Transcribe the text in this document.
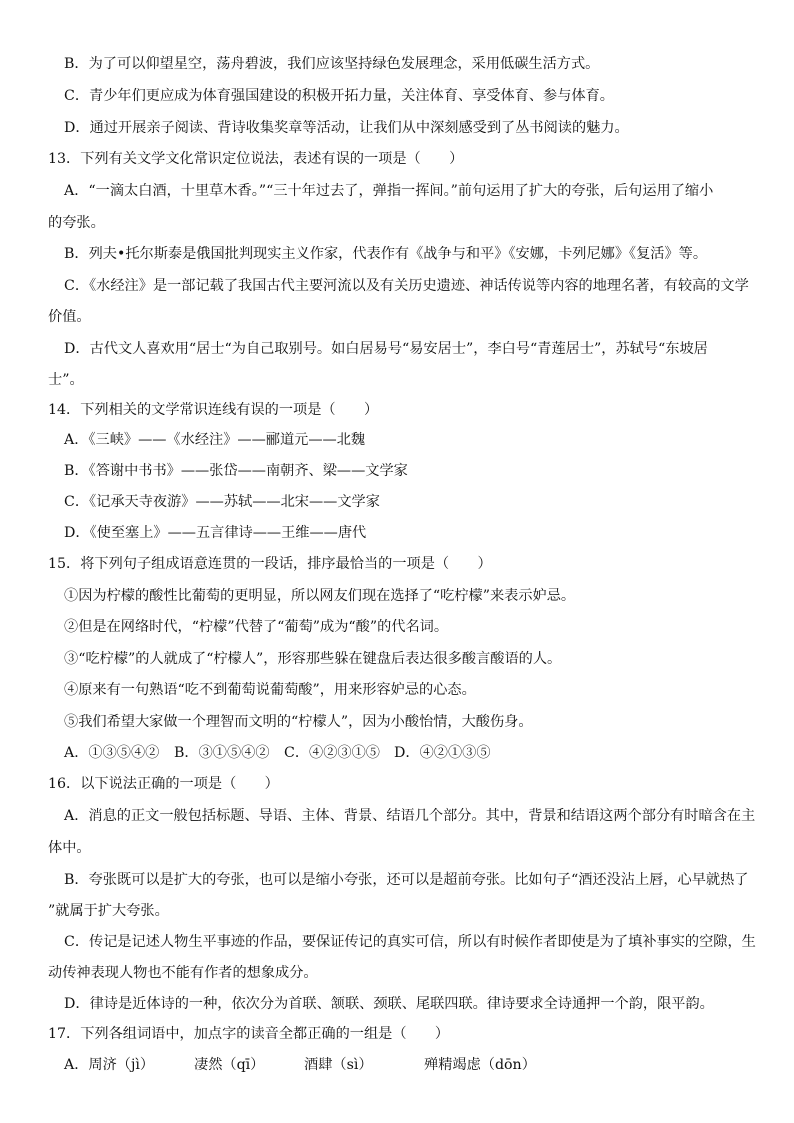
B．为了可以仰望星空，荡舟碧波，我们应该坚持绿色发展理念，采用低碳生活方式。
C．青少年们更应成为体育强国建设的积极开拓力量，关注体育、享受体育、参与体育。
D．通过开展亲子阅读、背诗收集奖章等活动，让我们从中深刻感受到了丛书阅读的魅力。
13．下列有关文学文化常识定位说法，表述有误的一项是（　　）
A．“一滴太白酒，十里草木香。”“三十年过去了，弹指一挥间。”前句运用了扩大的夸张，后句运用了缩小
的夸张。
B．列夫•托尔斯泰是俄国批判现实主义作家，代表作有《战争与和平》《安娜，卡列尼娜》《复活》等。
C．《水经注》是一部记载了我国古代主要河流以及有关历史遗迹、神话传说等内容的地理名著，有较高的文学
价值。
D．古代文人喜欢用“居士“为自己取别号。如白居易号“易安居士”，李白号“青莲居士”，苏轼号“东坡居
士”。
14．下列相关的文学常识连线有误的一项是（　　）
A．《三峡》——《水经注》——郦道元——北魏
B．《答谢中书书》——张岱——南朝齐、梁——文学家
C．《记承天寺夜游》——苏轼——北宋——文学家
D．《使至塞上》——五言律诗——王维——唐代
15．将下列句子组成语意连贯的一段话，排序最恰当的一项是（　　）
①因为柠檬的酸性比葡萄的更明显，所以网友们现在选择了“吃柠檬”来表示妒忌。
②但是在网络时代，“柠檬”代替了“葡萄”成为“酸”的代名词。
③“吃柠檬”的人就成了“柠檬人”，形容那些躲在键盘后表达很多酸言酸语的人。
④原来有一句熟语“吃不到葡萄说葡萄酸”，用来形容妒忌的心态。
⑤我们希望大家做一个理智而文明的“柠檬人”，因为小酸怡情，大酸伤身。
A．①③⑤④② B．③①⑤④② C．④②③①⑤ D．④②①③⑤
16．以下说法正确的一项是（　　）
A．消息的正文一般包括标题、导语、主体、背景、结语几个部分。其中，背景和结语这两个部分有时暗含在主
体中。
B．夸张既可以是扩大的夸张，也可以是缩小夸张，还可以是超前夸张。比如句子“酒还没沾上唇，心早就热了
”就属于扩大夸张。
C．传记是记述人物生平事迹的作品，要保证传记的真实可信，所以有时候作者即使是为了填补事实的空隙，生
动传神表现人物也不能有作者的想象成分。
D．律诗是近体诗的一种，依次分为首联、颔联、颈联、尾联四联。律诗要求全诗通押一个韵，限平韵。
17．下列各组词语中，加点字的读音全都正确的一组是（　　）
A．周济（jì）	凄然（qī）	酒肆（sì）	殚精竭虑（dōn）
